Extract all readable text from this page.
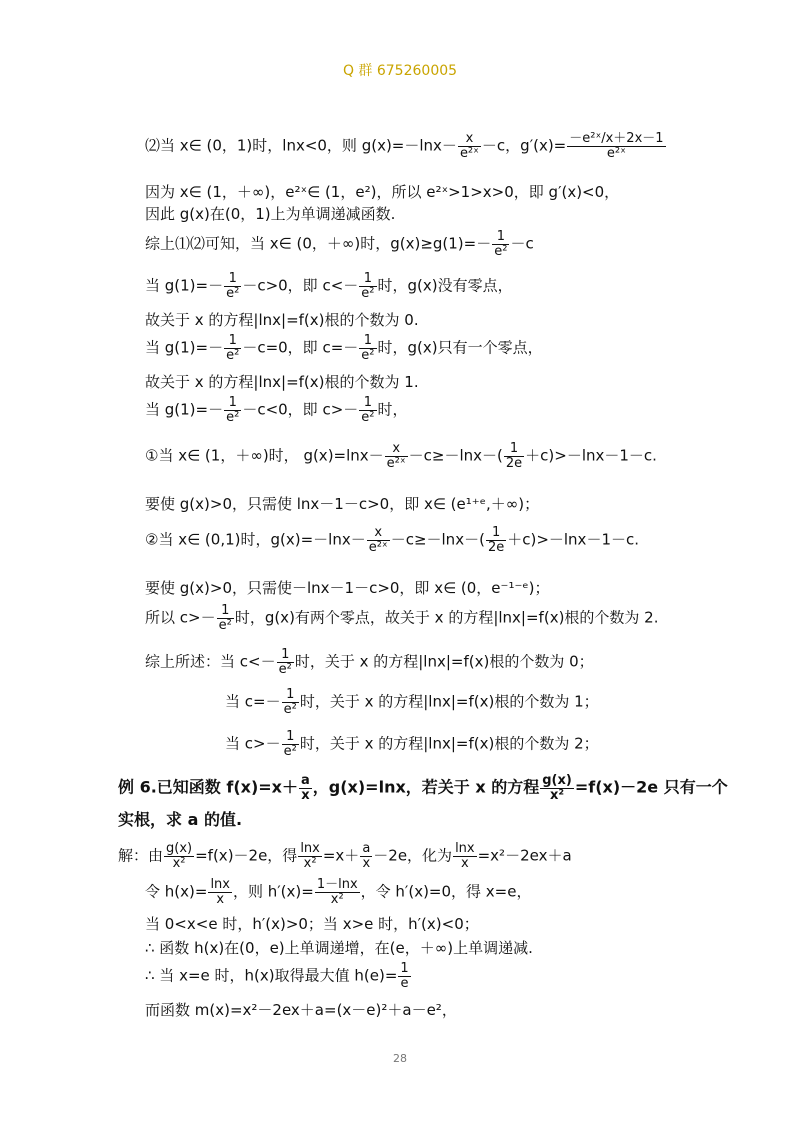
Q 群 675260005
⑵当 x∈ (0，1)时，lnx<0，则 $g(x)=-\ln x- \frac{x}{\text{e²ˣ}} -c$，$g'(x)= \frac{\text{－e²ˣ/x＋2x－1}}{\text{e²ˣ}}$
因为 x∈ (1，＋∞)，e²ˣ∈ (1，e²)，所以 e²ˣ>1>x>0，即 g′(x)<0，
因此 g(x)在(0，1)上为单调递减函数.
综上⑴⑵可知，当 x∈ (0，＋∞)时，$g(x)\ge g(1)=- \frac{1}{\text{e²}} -c$
当 $g(1)=- \frac{1}{\text{e²}} -c>0$，即 $c<- \frac{1}{\text{e²}}$ 时，g(x)没有零点，
故关于 x 的方程|lnx|=f(x)根的个数为 0.
当 $g(1)=- \frac{1}{\text{e²}} -c=0$，即 $c=- \frac{1}{\text{e²}}$ 时，g(x)只有一个零点，
故关于 x 的方程|lnx|=f(x)根的个数为 1.
当 $g(1)=- \frac{1}{\text{e²}} -c<0$，即 $c>- \frac{1}{\text{e²}}$ 时，
①当 x∈ (1，＋∞)时， $g(x)=\ln x- \frac{x}{\text{e²ˣ}} -c\ge-\ln x-( \frac{1}{2e} +c)>-\ln x-1-c$.
要使 g(x)>0，只需使 lnx－1－c>0，即 x∈ (e¹⁺ᵉ,＋∞)；
②当 x∈ (0,1)时，$g(x)=-\ln x- \frac{x}{\text{e²ˣ}} -c\ge-\ln x-( \frac{1}{2e} +c)>-\ln x-1-c$.
要使 g(x)>0，只需使－lnx－1－c>0，即 x∈ (0，e⁻¹⁻ᵉ)；
所以 $c>- \frac{1}{\text{e²}}$ 时，g(x)有两个零点，故关于 x 的方程|lnx|=f(x)根的个数为 2.
综上所述：当 $c<- \frac{1}{\text{e²}}$ 时，关于 x 的方程|lnx|=f(x)根的个数为 0；
当 $c=- \frac{1}{\text{e²}}$ 时，关于 x 的方程|lnx|=f(x)根的个数为 1；
当 $c>- \frac{1}{\text{e²}}$ 时，关于 x 的方程|lnx|=f(x)根的个数为 2；
例 6.已知函数 $f(x)=x+ \frac{a}{x}$ ，g(x)=lnx，若关于 x 的方程 $\frac{g(x)}{\text{x²}} =f(x)-2e$ 只有一个
实根，求 a 的值.
解：由 $\frac{g(x)}{\text{x²}} =f(x)-2e$，得 $\frac{\ln x}{\text{x²}} =x+ \frac{a}{x} -2e$，化为 $\frac{\ln x}{x} =x^2-2ex+a$
令 $h(x)= \frac{\ln x}{x}$ ，则 $h'(x)= \frac{1-\ln x}{\text{x²}}$ ，令 h′(x)=0，得 x=e，
当 0<x<e 时，h′(x)>0；当 x>e 时，h′(x)<0；
∴ 函数 h(x)在(0，e)上单调递增，在(e，＋∞)上单调递减.
∴ 当 x=e 时，h(x)取得最大值 $h(e)= \frac{1}{e}$
而函数 m(x)=x²－2ex＋a=(x－e)²＋a－e²，
28
